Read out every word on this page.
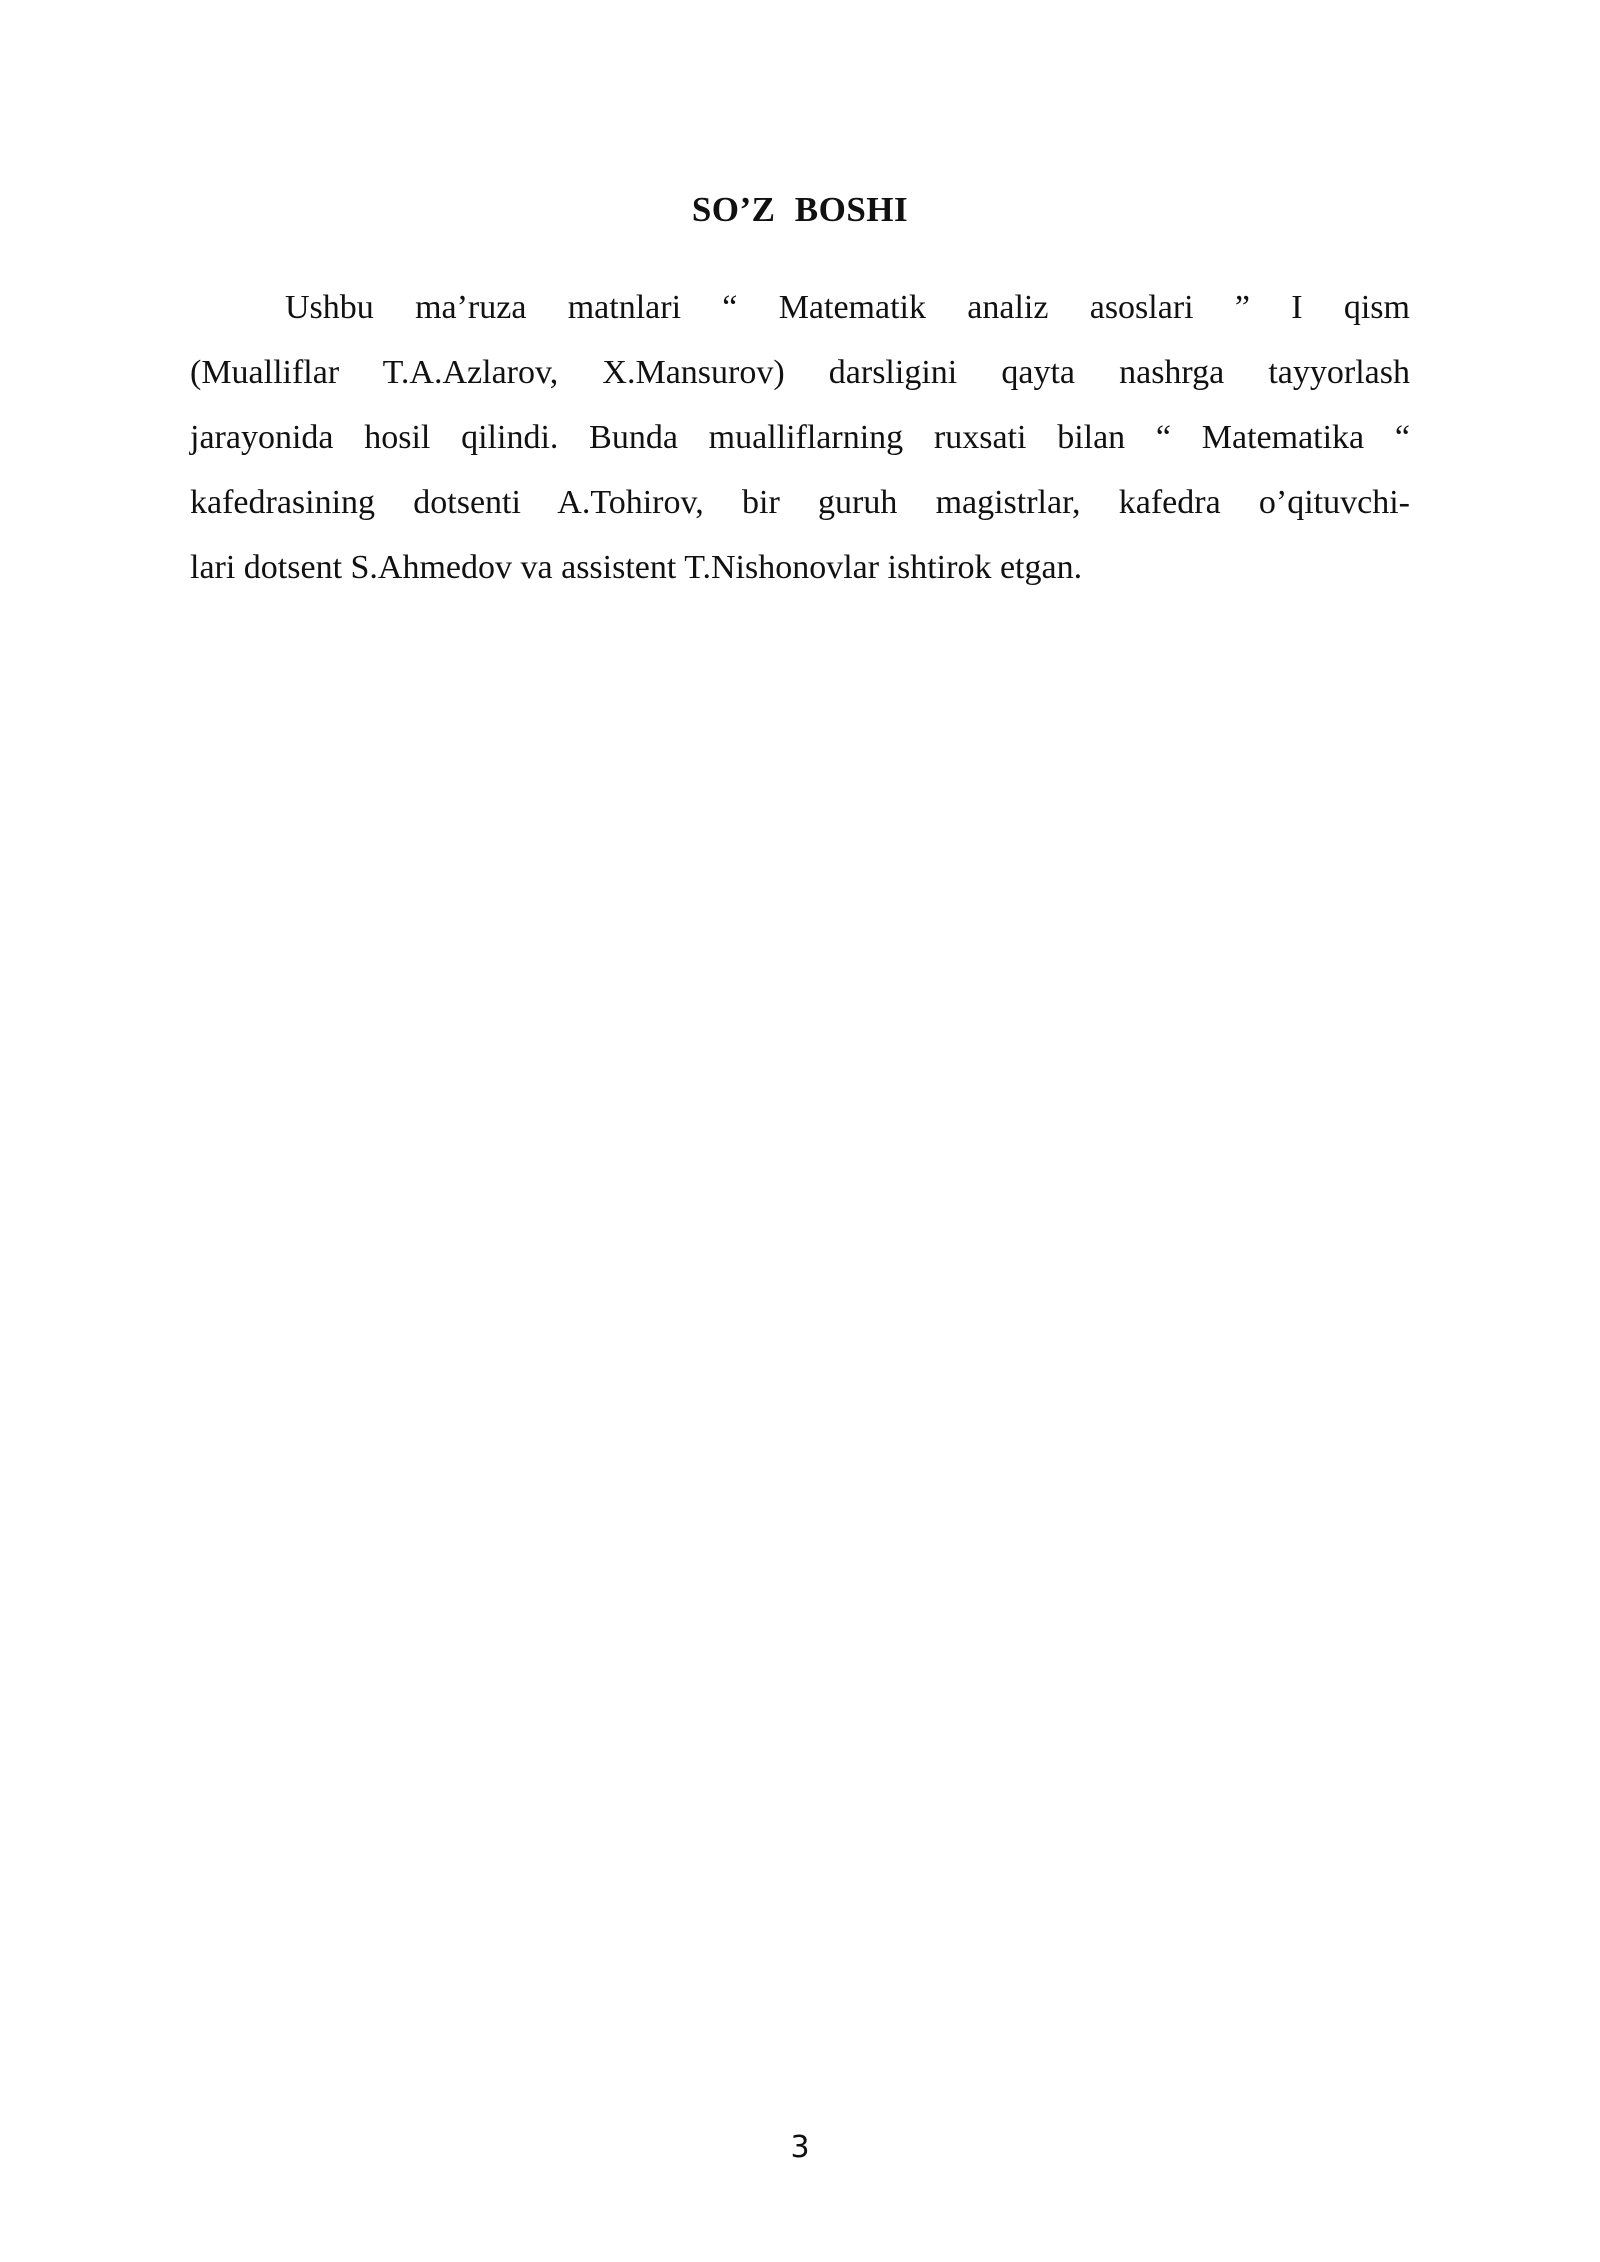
SO’Z BOSHI
Ushbu ma’ruza matnlari “ Matematik analiz asoslari ” I qism
(Mualliflar T.A.Azlarov, X.Mansurov) darsligini qayta nashrga tayyorlash
jarayonida hosil qilindi. Bunda mualliflarning ruxsati bilan “ Matematika “
kafedrasining dotsenti A.Tohirov, bir guruh magistrlar, kafedra o’qituvchi-
lari dotsent S.Ahmedov va assistent T.Nishonovlar ishtirok etgan.
3
